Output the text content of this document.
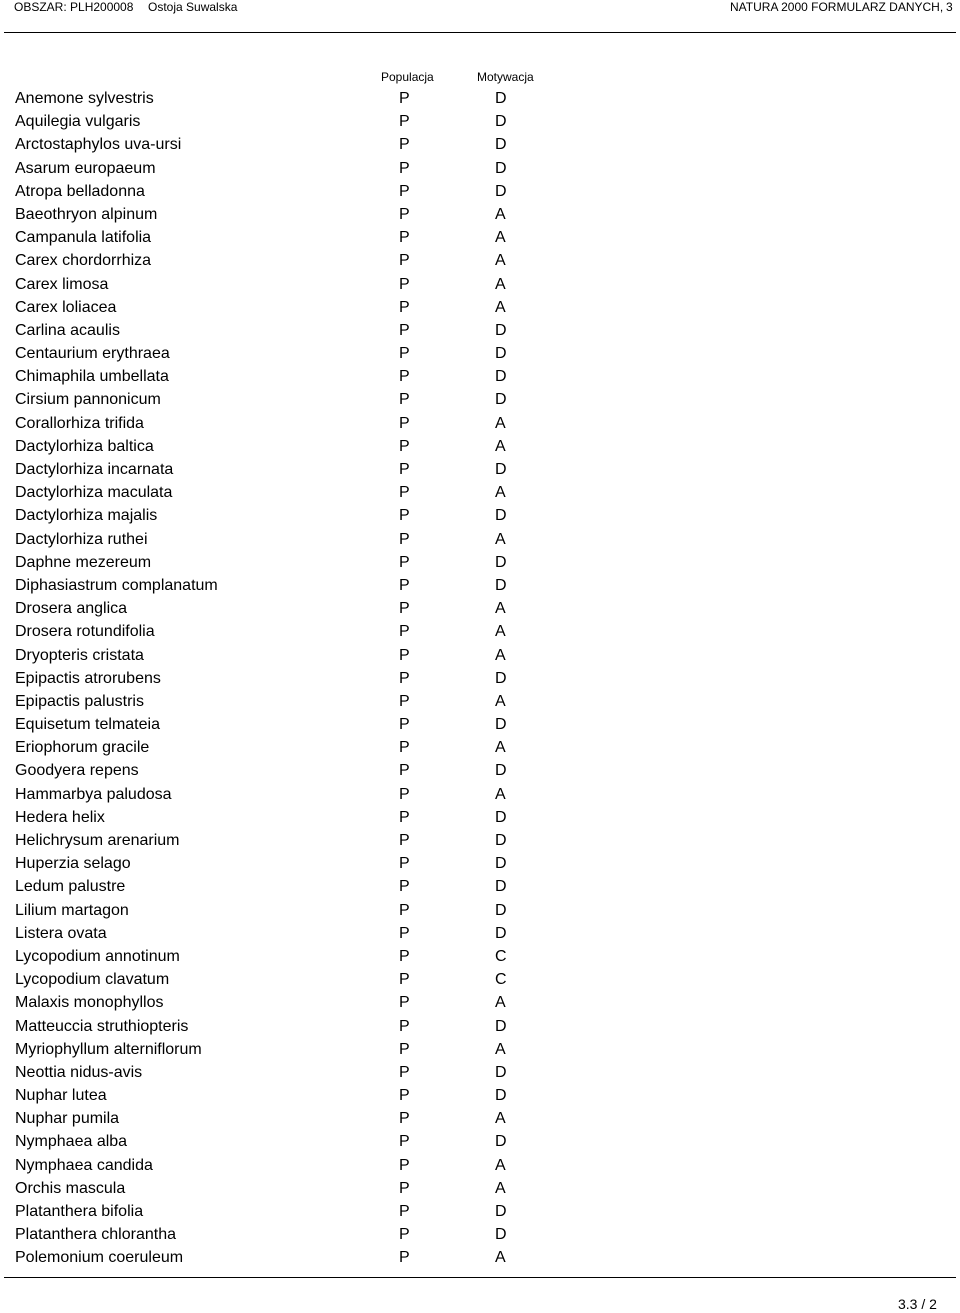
OBSZAR: PLH200008 Ostoja Suwalska	NATURA 2000 FORMULARZ DANYCH, 3
Populacja	Motywacja
Anemone sylvestris	P	D
Aquilegia vulgaris	P	D
Arctostaphylos uva-ursi	P	D
Asarum europaeum	P	D
Atropa belladonna	P	D
Baeothryon alpinum	P	A
Campanula latifolia	P	A
Carex chordorrhiza	P	A
Carex limosa	P	A
Carex loliacea	P	A
Carlina acaulis	P	D
Centaurium erythraea	P	D
Chimaphila umbellata	P	D
Cirsium pannonicum	P	D
Corallorhiza trifida	P	A
Dactylorhiza baltica	P	A
Dactylorhiza incarnata	P	D
Dactylorhiza maculata	P	A
Dactylorhiza majalis	P	D
Dactylorhiza ruthei	P	A
Daphne mezereum	P	D
Diphasiastrum complanatum	P	D
Drosera anglica	P	A
Drosera rotundifolia	P	A
Dryopteris cristata	P	A
Epipactis atrorubens	P	D
Epipactis palustris	P	A
Equisetum telmateia	P	D
Eriophorum gracile	P	A
Goodyera repens	P	D
Hammarbya paludosa	P	A
Hedera helix	P	D
Helichrysum arenarium	P	D
Huperzia selago	P	D
Ledum palustre	P	D
Lilium martagon	P	D
Listera ovata	P	D
Lycopodium annotinum	P	C
Lycopodium clavatum	P	C
Malaxis monophyllos	P	A
Matteuccia struthiopteris	P	D
Myriophyllum alterniflorum	P	A
Neottia nidus-avis	P	D
Nuphar lutea	P	D
Nuphar pumila	P	A
Nymphaea alba	P	D
Nymphaea candida	P	A
Orchis mascula	P	A
Platanthera bifolia	P	D
Platanthera chlorantha	P	D
Polemonium coeruleum	P	A
3.3 / 2
